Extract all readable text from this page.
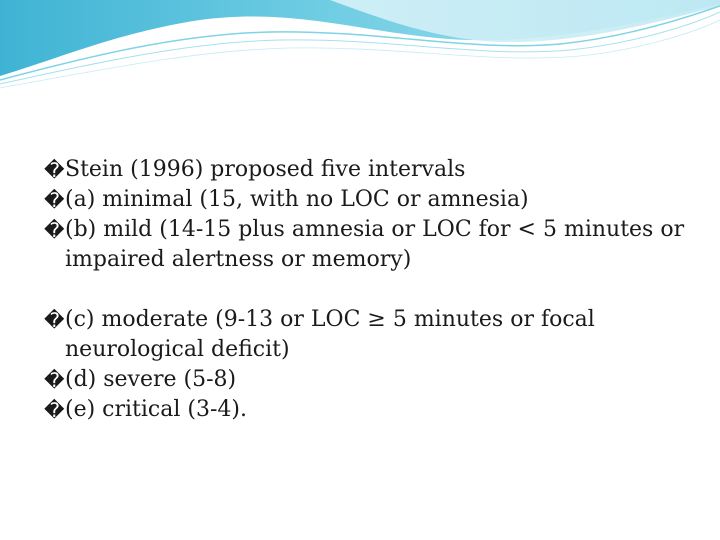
� Stein (1996) proposed five intervals
� (a) minimal (15, with no LOC or amnesia)
� (b) mild (14-15 plus amnesia or LOC for < 5 minutes or impaired alertness or memory)
� (c) moderate (9-13 or LOC ≥ 5 minutes or focal neurological deficit)
� (d) severe (5-8)
� (e) critical (3-4).
